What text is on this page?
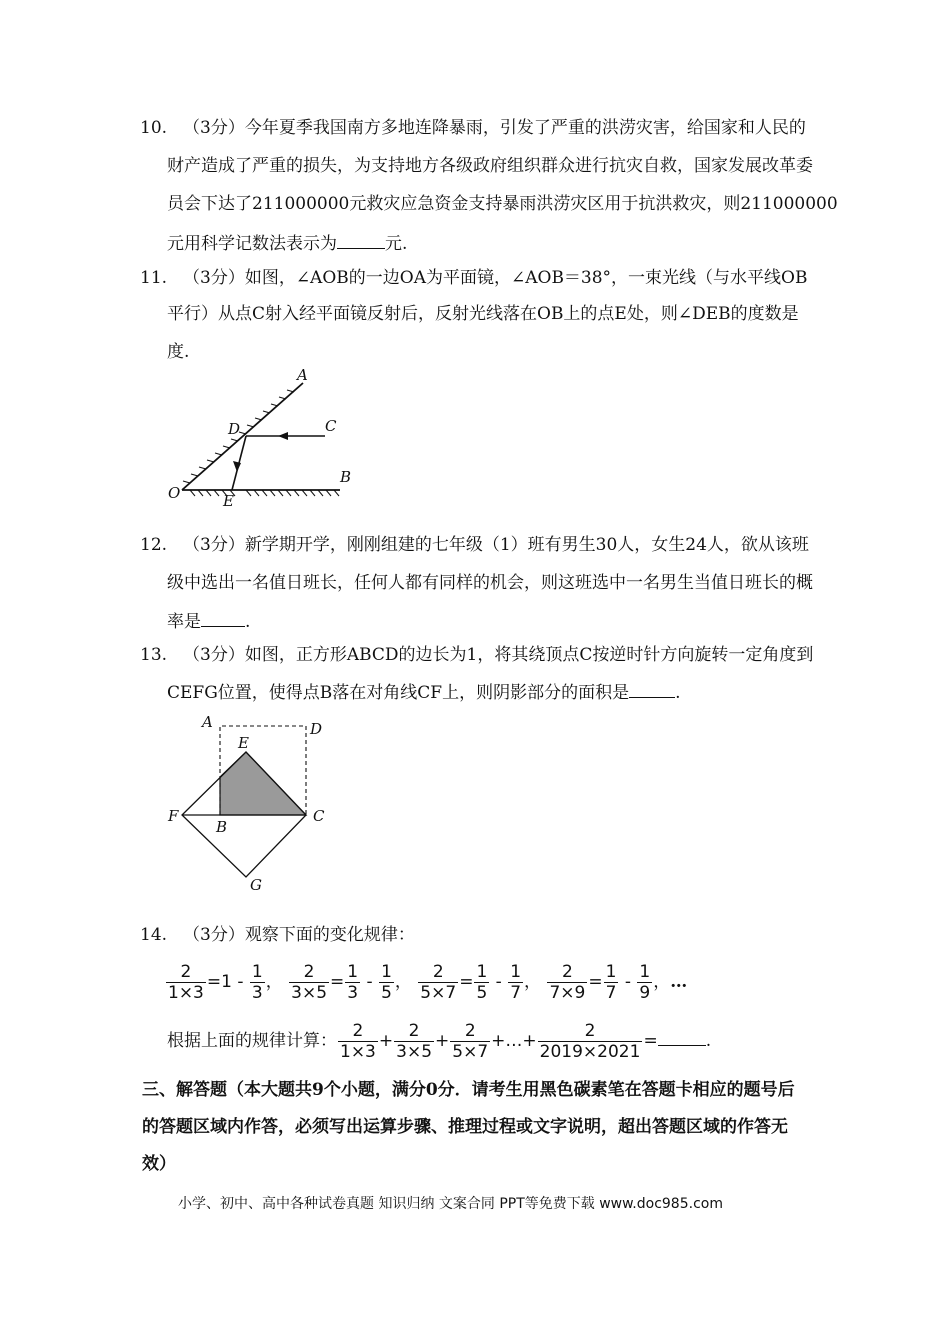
10. （3分）今年夏季我国南方多地连降暴雨，引发了严重的洪涝灾害，给国家和人民的
财产造成了严重的损失，为支持地方各级政府组织群众进行抗灾自救，国家发展改革委
员会下达了211000000元救灾应急资金支持暴雨洪涝灾区用于抗洪救灾，则211000000
元用科学记数法表示为	元.
11. （3分）如图，∠AOB的一边OA为平面镜，∠AOB＝38°，一束光线（与水平线OB
平行）从点C射入经平面镜反射后，反射光线落在OB上的点E处，则∠DEB的度数是
度.
A
B
C
D
E
O
12. （3分）新学期开学，刚刚组建的七年级（1）班有男生30人，女生24人，欲从该班
级中选出一名值日班长，任何人都有同样的机会，则这班选中一名男生当值日班长的概
率是	.
13. （3分）如图，正方形ABCD的边长为1，将其绕顶点C按逆时针方向旋转一定角度到
CEFG位置，使得点B落在对角线CF上，则阴影部分的面积是	.
A
B
C
D
E
F
G
14. （3分）观察下面的变化规律：
$\frac{2}{1\times 3} =1 - \frac{1}{3}$ ， $\frac{2}{3\times 5} = \frac{1}{3} - \frac{1}{5}$ ， $\frac{2}{5\times 7} = \frac{1}{5} - \frac{1}{7}$ ， $\frac{2}{7\times 9} = \frac{1}{7} - \frac{1}{9}$ ，…
根据上面的规律计算： $\frac{2}{1\times 3} + \frac{2}{3\times 5} + \frac{2}{5\times 7}$ +…+ $\frac{2}{2019\times 2021}$ =	.
三、解答题（本大题共9个小题，满分0分．请考生用黑色碳素笔在答题卡相应的题号后
的答题区域内作答，必须写出运算步骤、推理过程或文字说明，超出答题区域的作答无
效）
小学、初中、高中各种试卷真题 知识归纳 文案合同 PPT等免费下载 www.doc985.com
